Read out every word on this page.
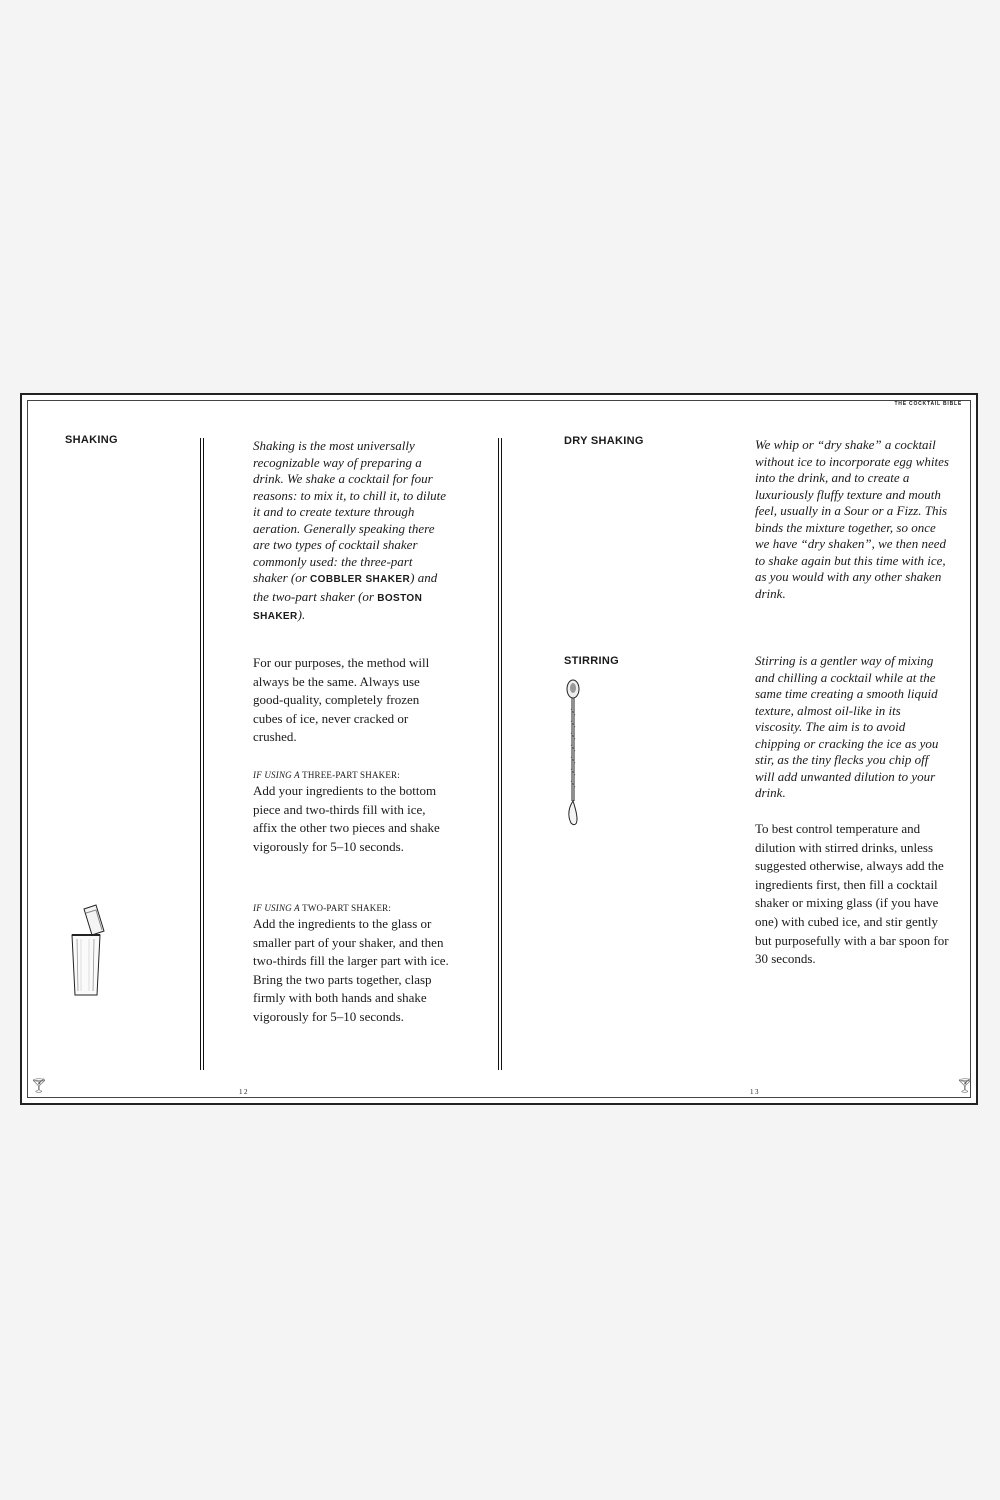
THE COCKTAIL BIBLE
SHAKING	Shaking is the most universally recognizable way of preparing a drink. We shake a cocktail for four reasons: to mix it, to chill it, to dilute it and to create texture through aeration. Generally speaking there are two types of cocktail shaker commonly used: the three-part shaker (or COBBLER SHAKER) and the two-part shaker (or BOSTON SHAKER).

For our purposes, the method will always be the same. Always use good-quality, completely frozen cubes of ice, never cracked or crushed.

IF USING A THREE-PART SHAKER:

Add your ingredients to the bottom piece and two-thirds fill with ice, affix the other two pieces and shake vigorously for 5–10 seconds.

IF USING A TWO-PART SHAKER:

Add the ingredients to the glass or smaller part of your shaker, and then two-thirds fill the larger part with ice. Bring the two parts together, clasp firmly with both hands and shake vigorously for 5–10 seconds.

🍸︎	12
DRY SHAKING	We whip or “dry shake” a cocktail without ice to incorporate egg whites into the drink, and to create a luxuriously fluffy texture and mouth feel, usually in a Sour or a Fizz. This binds the mixture together, so once we have “dry shaken”, we then need to shake again but this time with ice, as you would with any other shaken drink.

STIRRING	Stirring is a gentler way of mixing and chilling a cocktail while at the same time creating a smooth liquid texture, almost oil-like in its viscosity. The aim is to avoid chipping or cracking the ice as you stir, as the tiny flecks you chip off will add unwanted dilution to your drink.

To best control temperature and dilution with stirred drinks, unless suggested otherwise, always add the ingredients first, then fill a cocktail shaker or mixing glass (if you have one) with cubed ice, and stir gently but purposefully with a bar spoon for 30 seconds.

13	🍸︎
